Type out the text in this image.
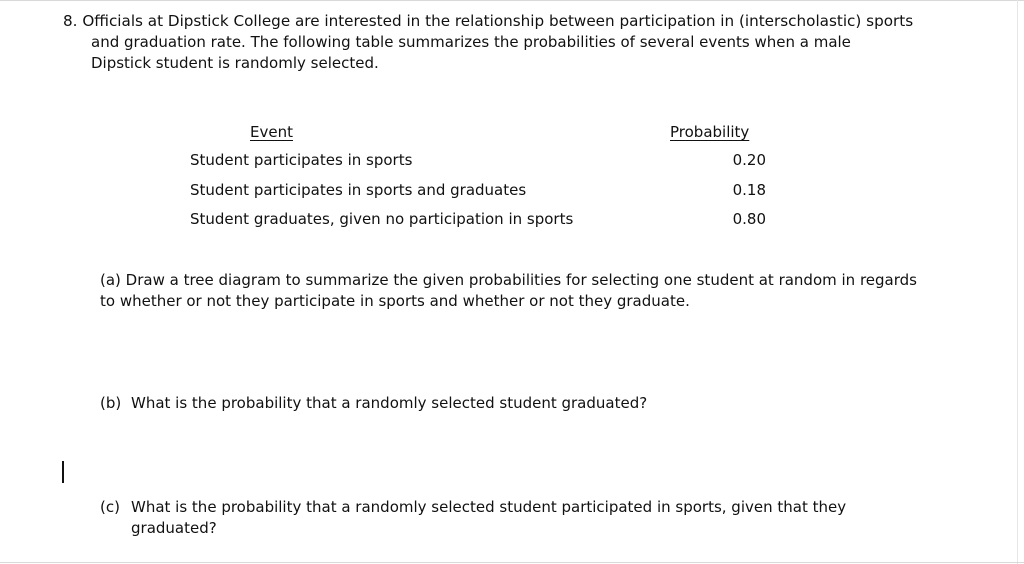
8. Officials at Dipstick College are interested in the relationship between participation in (interscholastic) sports
and graduation rate. The following table summarizes the probabilities of several events when a male
Dipstick student is randomly selected.
Event	Probability
Student participates in sports	0.20
Student participates in sports and graduates	0.18
Student graduates, given no participation in sports	0.80
(a) Draw a tree diagram to summarize the given probabilities for selecting one student at random in regards
to whether or not they participate in sports and whether or not they graduate.
(b) What is the probability that a randomly selected student graduated?
(c) What is the probability that a randomly selected student participated in sports, given that they
graduated?
